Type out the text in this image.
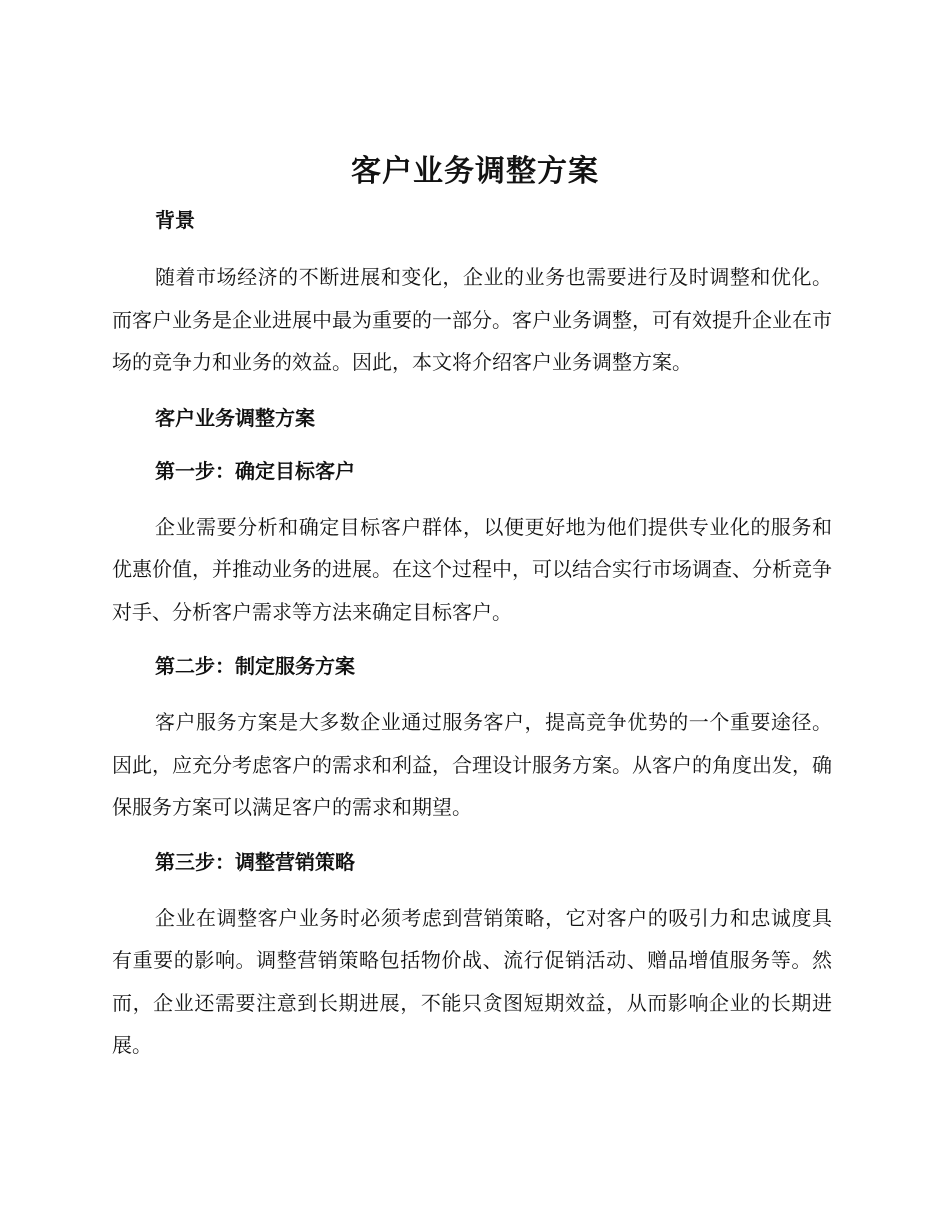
客户业务调整方案

背景

随着市场经济的不断进展和变化，企业的业务也需要进行及时调整和优化。而客户业务是企业进展中最为重要的一部分。客户业务调整，可有效提升企业在市场的竞争力和业务的效益。因此，本文将介绍客户业务调整方案。

客户业务调整方案

第一步：确定目标客户

企业需要分析和确定目标客户群体，以便更好地为他们提供专业化的服务和优惠价值，并推动业务的进展。在这个过程中，可以结合实行市场调查、分析竞争对手、分析客户需求等方法来确定目标客户。

第二步：制定服务方案

客户服务方案是大多数企业通过服务客户，提高竞争优势的一个重要途径。因此，应充分考虑客户的需求和利益，合理设计服务方案。从客户的角度出发，确保服务方案可以满足客户的需求和期望。

第三步：调整营销策略

企业在调整客户业务时必须考虑到营销策略，它对客户的吸引力和忠诚度具有重要的影响。调整营销策略包括物价战、流行促销活动、赠品增值服务等。然而，企业还需要注意到长期进展，不能只贪图短期效益，从而影响企业的长期进展。
